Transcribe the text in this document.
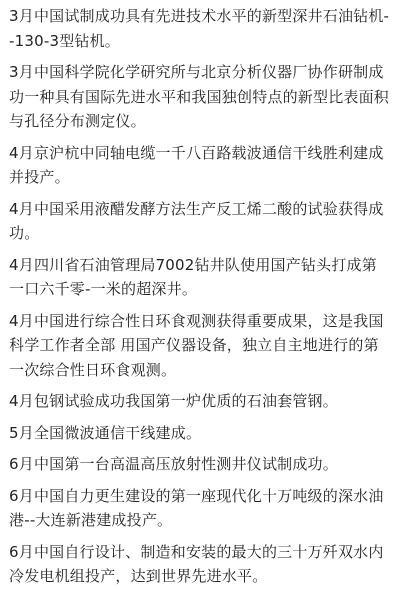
3月中国试制成功具有先进技术水平的新型深井石油钻机--130-3型钻机。

3月中国科学院化学研究所与北京分析仪器厂协作研制成功一种具有国际先进水平和我国独创特点的新型比表面积与孔径分布测定仪。

4月京沪杭中同轴电缆一千八百路载波通信干线胜利建成并投产。

4月中国采用液醋发酵方法生产反工烯二酸的试验获得成功。

4月四川省石油管理局7002钻井队使用国产钻头打成第一口六千零-一米的超深井。

4月中国进行综合性日环食观测获得重要成果，这是我国科学工作者全部 用国产仪器设备，独立自主地进行的第一次综合性日环食观测。

4月包钢试验成功我国第一炉优质的石油套管钢。

5月全国微波通信干线建成。

6月中国第一台高温高压放射性测井仪试制成功。

6月中国自力更生建设的第一座现代化十万吨级的深水油港--大连新港建成投产。

6月中国自行设计、制造和安装的最大的三十万歼双水内冷发电机组投产，达到世界先进水平。
